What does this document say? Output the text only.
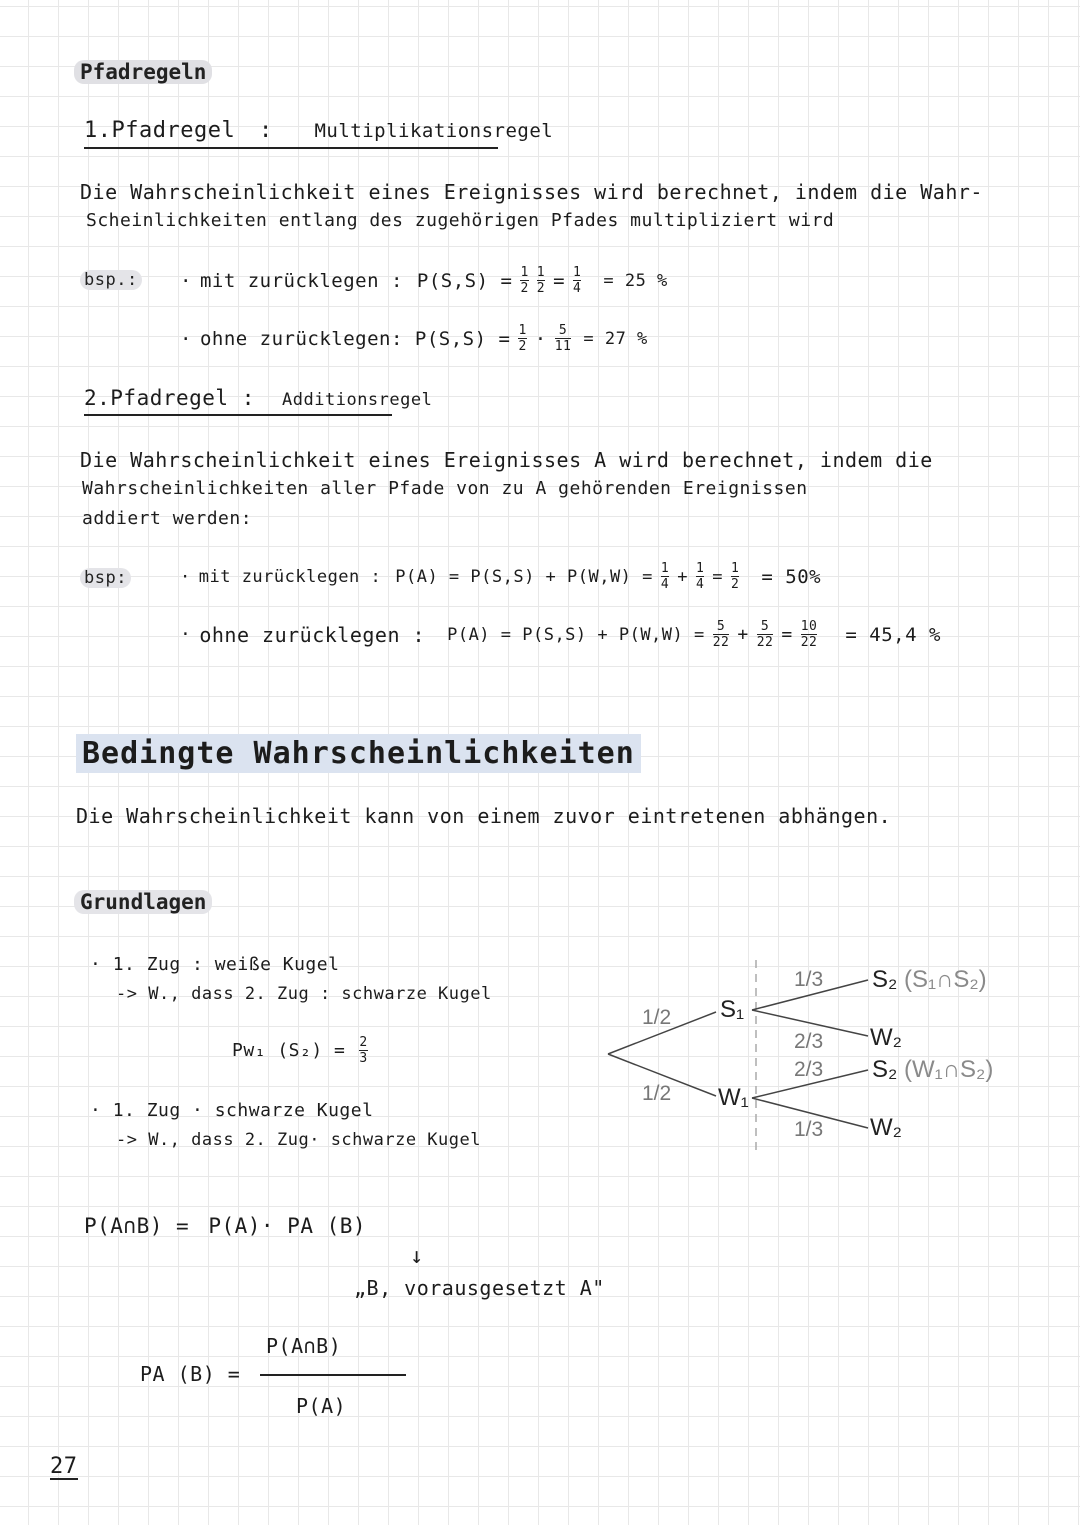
Pfadregeln
1.Pfadregel : Multiplikationsregel
Die Wahrscheinlichkeit eines Ereignisses wird berechnet, indem die Wahr-
Scheinlichkeiten entlang des zugehörigen Pfades multipliziert wird
bsp.: · mit zurücklegen : $P(S,S) = \frac{1}{2} \frac{1}{2} = \frac{1}{4} = 25$ %
· ohne zurücklegen: $P(S,S) = \frac{1}{2} \cdot \frac{5}{11} = 27$ %
2.Pfadregel : Additionsregel
Die Wahrscheinlichkeit eines Ereignisses A wird berechnet, indem die
Wahrscheinlichkeiten aller Pfade von zu A gehörenden Ereignissen
addiert werden:
bsp:	· mit zurücklegen : $P(A) = P(S,S) + P(W,W) = \frac{1}{4} + \frac{1}{4} = \frac{1}{2} = 50\%$
· ohne zurücklegen : $P(A) = P(S,S) + P(W,W) = \frac{5}{22} + \frac{5}{22} = \frac{10}{22} = 45,4$ %
Bedingte Wahrscheinlichkeiten
Die Wahrscheinlichkeit kann von einem zuvor eintretenen abhängen.
Grundlagen
· 1. Zug : weiße Kugel
-> W., dass 2. Zug : schwarze Kugel
Pw₁ $(S_2) = \frac{2}{3}$
· 1. Zug · schwarze Kugel
-> W., dass 2. Zug· schwarze Kugel
1/2
1/2
S₁
W₁
1/3
2/3
2/3
1/3
S₂ (S₁∩S₂)
W₂
S₂ (W₁∩S₂)
W₂
P(A∩B) = P(A)· PA (B)
↓
„B, vorausgesetzt A"
PA (B) =
P(A∩B)
P(A)
27
